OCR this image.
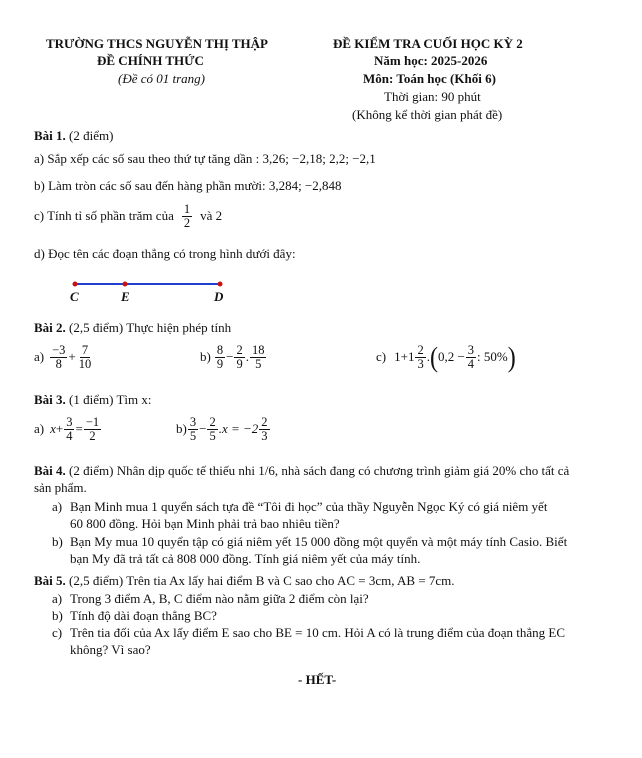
TRƯỜNG THCS NGUYỄN THỊ THẬP
ĐỀ CHÍNH THỨC
(Đề có 01 trang)
ĐỀ KIỂM TRA CUỐI HỌC KỲ 2
Năm học: 2025-2026
Môn: Toán học (Khối 6)
Thời gian: 90 phút
(Không kể thời gian phát đề)
Bài 1. (2 điểm)
a) Sắp xếp các số sau theo thứ tự tăng dần : 3,26; −2,18; 2,2; −2,1
b) Làm tròn các số sau đến hàng phần mười: 3,284; −2,848
c) Tính tỉ số phần trăm của $\frac{1}{2}$ và 2
d) Đọc tên các đoạn thẳng có trong hình dưới đây:
C	E	D
Bài 2. (2,5 điểm) Thực hiện phép tính
$a) \frac{-3}{8} + \frac{7}{10}$	$b) \frac{8}{9} - \frac{2}{9}$ . $\frac{18}{5}$	c) $1+1 \frac{2}{3}$ . ( $0,2 - \frac{3}{4}$ : 50% )
Bài 3. (1 điểm) Tìm x:
a) $x + \frac{3}{4} = \frac{-1}{2}$	$b) \frac{3}{5} - \frac{2}{5} .x = -2 \frac{2}{3}$
Bài 4. (2 điểm) Nhân dịp quốc tế thiếu nhi 1/6, nhà sách đang có chương trình giảm giá 20% cho tất cả
sản phẩm.
a) Bạn Minh mua 1 quyển sách tựa đề “Tôi đi học” của thầy Nguyễn Ngọc Ký có giá niêm yết
60 800 đồng. Hỏi bạn Minh phải trả bao nhiêu tiền?
b) Bạn My mua 10 quyển tập có giá niêm yết 15 000 đồng một quyển và một máy tính Casio. Biết
bạn My đã trả tất cả 808 000 đồng. Tính giá niêm yết của máy tính.
Bài 5. (2,5 điểm) Trên tia Ax lấy hai điểm B và C sao cho AC = 3cm, AB = 7cm.
a) Trong 3 điểm A, B, C điểm nào nằm giữa 2 điểm còn lại?
b) Tính độ dài đoạn thẳng BC?
c) Trên tia đối của Ax lấy điểm E sao cho BE = 10 cm. Hỏi A có là trung điểm của đoạn thẳng EC
không? Vì sao?
- HẾT-
